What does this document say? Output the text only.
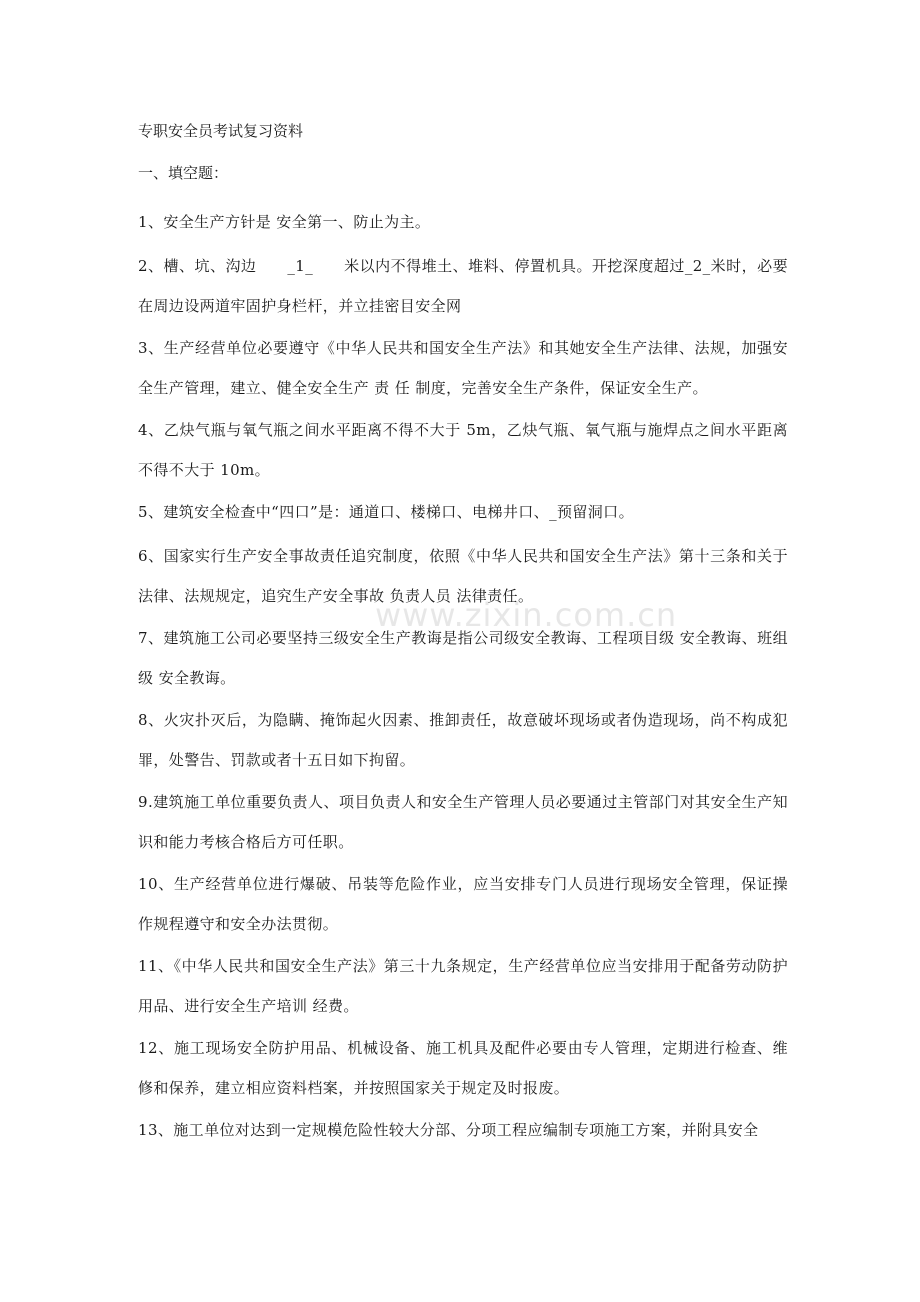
专职安全员考试复习资料

一、填空题：

1、安全生产方针是 安全第一、防止为主。

2、槽、坑、沟边　　_1_　　米以内不得堆土、堆料、停置机具。开挖深度超过_2_米时，必要在周边设两道牢固护身栏杆，并立挂密目安全网

3、生产经营单位必要遵守《中华人民共和国安全生产法》和其她安全生产法律、法规，加强安全生产管理，建立、健全安全生产 责 任 制度，完善安全生产条件，保证安全生产。

4、乙炔气瓶与氧气瓶之间水平距离不得不大于 5m，乙炔气瓶、氧气瓶与施焊点之间水平距离不得不大于 10m。

5、建筑安全检查中“四口”是：通道口、楼梯口、电梯井口、_预留洞口。

6、国家实行生产安全事故责任追究制度，依照《中华人民共和国安全生产法》第十三条和关于法律、法规规定，追究生产安全事故 负责人员 法律责任。

7、建筑施工公司必要坚持三级安全生产教诲是指公司级安全教诲、工程项目级 安全教诲、班组级 安全教诲。

8、火灾扑灭后，为隐瞒、掩饰起火因素、推卸责任，故意破坏现场或者伪造现场，尚不构成犯罪，处警告、罚款或者十五日如下拘留。

9.建筑施工单位重要负责人、项目负责人和安全生产管理人员必要通过主管部门对其安全生产知识和能力考核合格后方可任职。

10、生产经营单位进行爆破、吊装等危险作业，应当安排专门人员进行现场安全管理，保证操作规程遵守和安全办法贯彻。

11、《中华人民共和国安全生产法》第三十九条规定，生产经营单位应当安排用于配备劳动防护用品、进行安全生产培训 经费。

12、施工现场安全防护用品、机械设备、施工机具及配件必要由专人管理，定期进行检查、维修和保养，建立相应资料档案，并按照国家关于规定及时报废。

13、施工单位对达到一定规模危险性较大分部、分项工程应编制专项施工方案，并附具安全

www.zixin.com.cn
